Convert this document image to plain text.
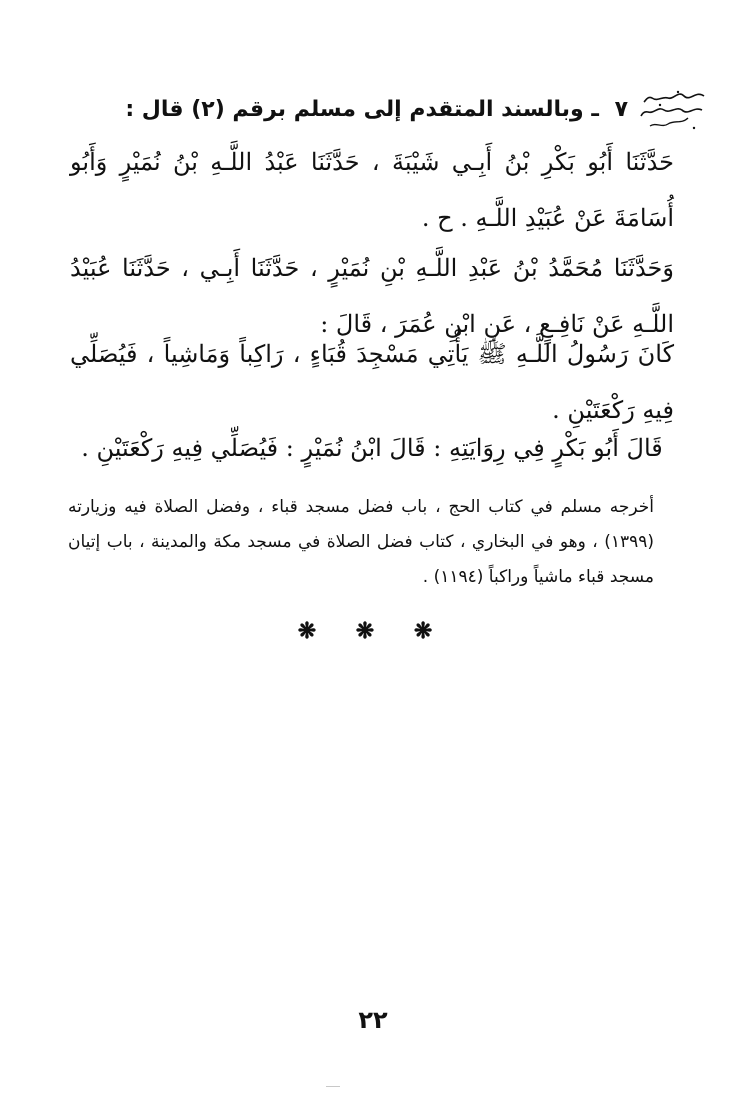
٧ ـ وبالسند المتقدم إلى مسلم برقم (٢) قال :

حَدَّثَنَا أَبُو بَكْرِ بْنُ أَبِـي شَيْبَةَ ، حَدَّثَنَا عَبْدُ اللَّـهِ بْنُ نُمَيْرٍ وَأَبُو أُسَامَةَ عَنْ عُبَيْدِ اللَّـهِ . ح .

وَحَدَّثَنَا مُحَمَّدُ بْنُ عَبْدِ اللَّـهِ بْنِ نُمَيْرٍ ، حَدَّثَنَا أَبِـي ، حَدَّثَنَا عُبَيْدُ اللَّـهِ عَنْ نَافِـعٍ ، عَنِ ابْنِ عُمَرَ ، قَالَ :

كَانَ رَسُولُ اللَّـهِ ﷺ يَأْتِي مَسْجِدَ قُبَاءٍ ، رَاكِباً وَمَاشِياً ، فَيُصَلِّي فِيهِ رَكْعَتَيْنِ .

قَالَ أَبُو بَكْرٍ فِي رِوَايَتِهِ : قَالَ ابْنُ نُمَيْرٍ : فَيُصَلِّي فِيهِ رَكْعَتَيْنِ .

أخرجه مسلم في كتاب الحج ، باب فضل مسجد قباء ، وفضل الصلاة فيه وزيارته (١٣٩٩) ، وهو في البخاري ، كتاب فضل الصلاة في مسجد مكة والمدينة ، باب إتيان مسجد قباء ماشياً وراكباً (١١٩٤) .

❋ ❋ ❋
٢٢
